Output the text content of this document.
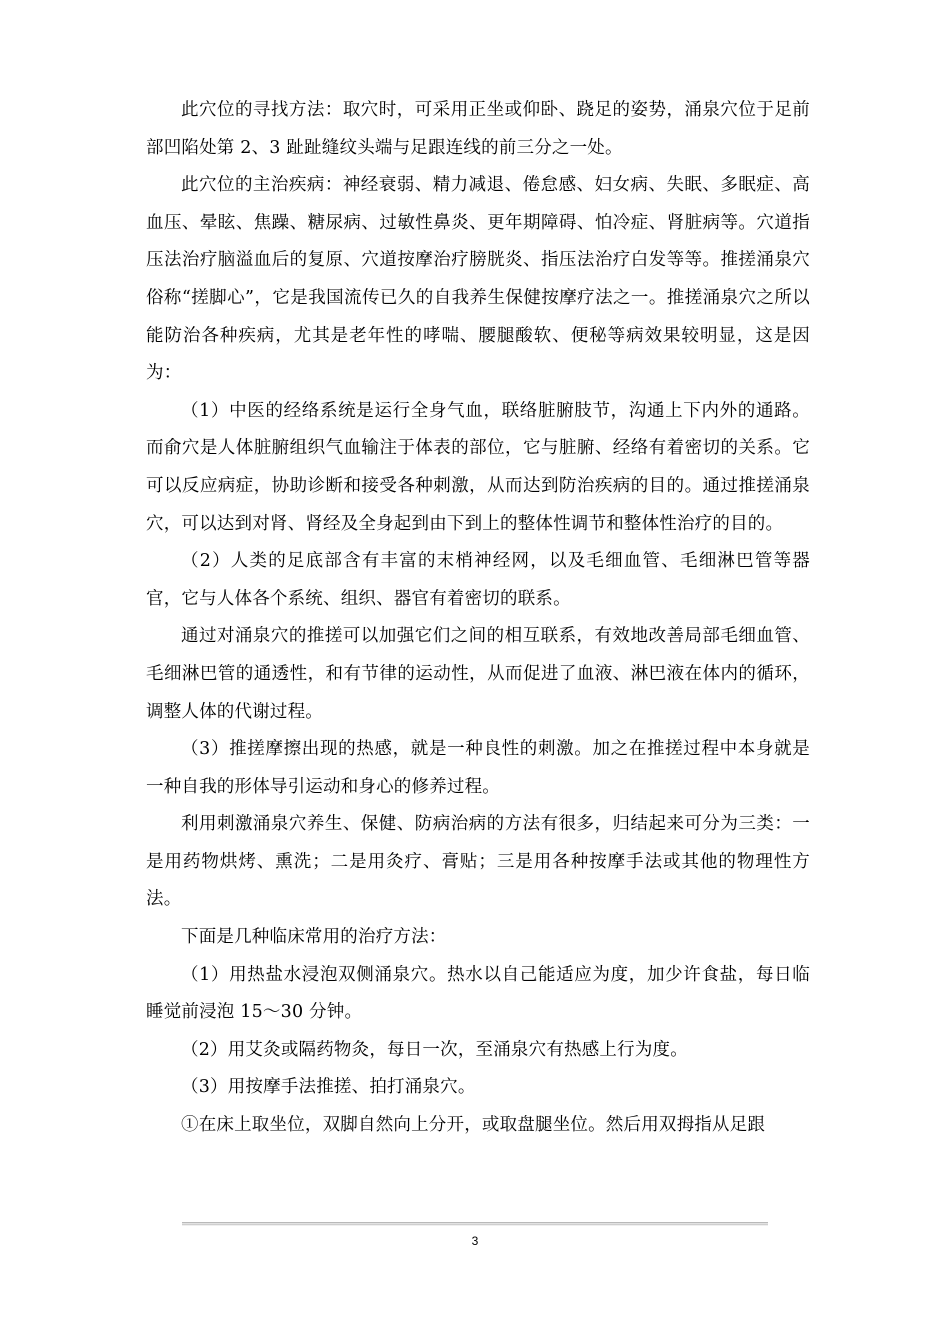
此穴位的寻找方法：取穴时，可采用正坐或仰卧、跷足的姿势，涌泉穴位于足前部凹陷处第 2、3 趾趾缝纹头端与足跟连线的前三分之一处。

此穴位的主治疾病：神经衰弱、精力减退、倦怠感、妇女病、失眠、多眠症、高血压、晕眩、焦躁、糖尿病、过敏性鼻炎、更年期障碍、怕冷症、肾脏病等。穴道指压法治疗脑溢血后的复原、穴道按摩治疗膀胱炎、指压法治疗白发等等。推搓涌泉穴俗称“搓脚心”，它是我国流传已久的自我养生保健按摩疗法之一。推搓涌泉穴之所以能防治各种疾病，尤其是老年性的哮喘、腰腿酸软、便秘等病效果较明显，这是因为：

（1）中医的经络系统是运行全身气血，联络脏腑肢节，沟通上下内外的通路。而俞穴是人体脏腑组织气血输注于体表的部位，它与脏腑、经络有着密切的关系。它可以反应病症，协助诊断和接受各种刺激，从而达到防治疾病的目的。通过推搓涌泉穴，可以达到对肾、肾经及全身起到由下到上的整体性调节和整体性治疗的目的。

（2）人类的足底部含有丰富的末梢神经网，以及毛细血管、毛细淋巴管等器官，它与人体各个系统、组织、器官有着密切的联系。

通过对涌泉穴的推搓可以加强它们之间的相互联系，有效地改善局部毛细血管、毛细淋巴管的通透性，和有节律的运动性，从而促进了血液、淋巴液在体内的循环，调整人体的代谢过程。

（3）推搓摩擦出现的热感，就是一种良性的刺激。加之在推搓过程中本身就是一种自我的形体导引运动和身心的修养过程。

利用刺激涌泉穴养生、保健、防病治病的方法有很多，归结起来可分为三类：一是用药物烘烤、熏洗；二是用灸疗、膏贴；三是用各种按摩手法或其他的物理性方法。

下面是几种临床常用的治疗方法：

（1）用热盐水浸泡双侧涌泉穴。热水以自己能适应为度，加少许食盐，每日临睡觉前浸泡 15～30 分钟。

（2）用艾灸或隔药物灸，每日一次，至涌泉穴有热感上行为度。

（3）用按摩手法推搓、拍打涌泉穴。

①在床上取坐位，双脚自然向上分开，或取盘腿坐位。然后用双拇指从足跟

3
